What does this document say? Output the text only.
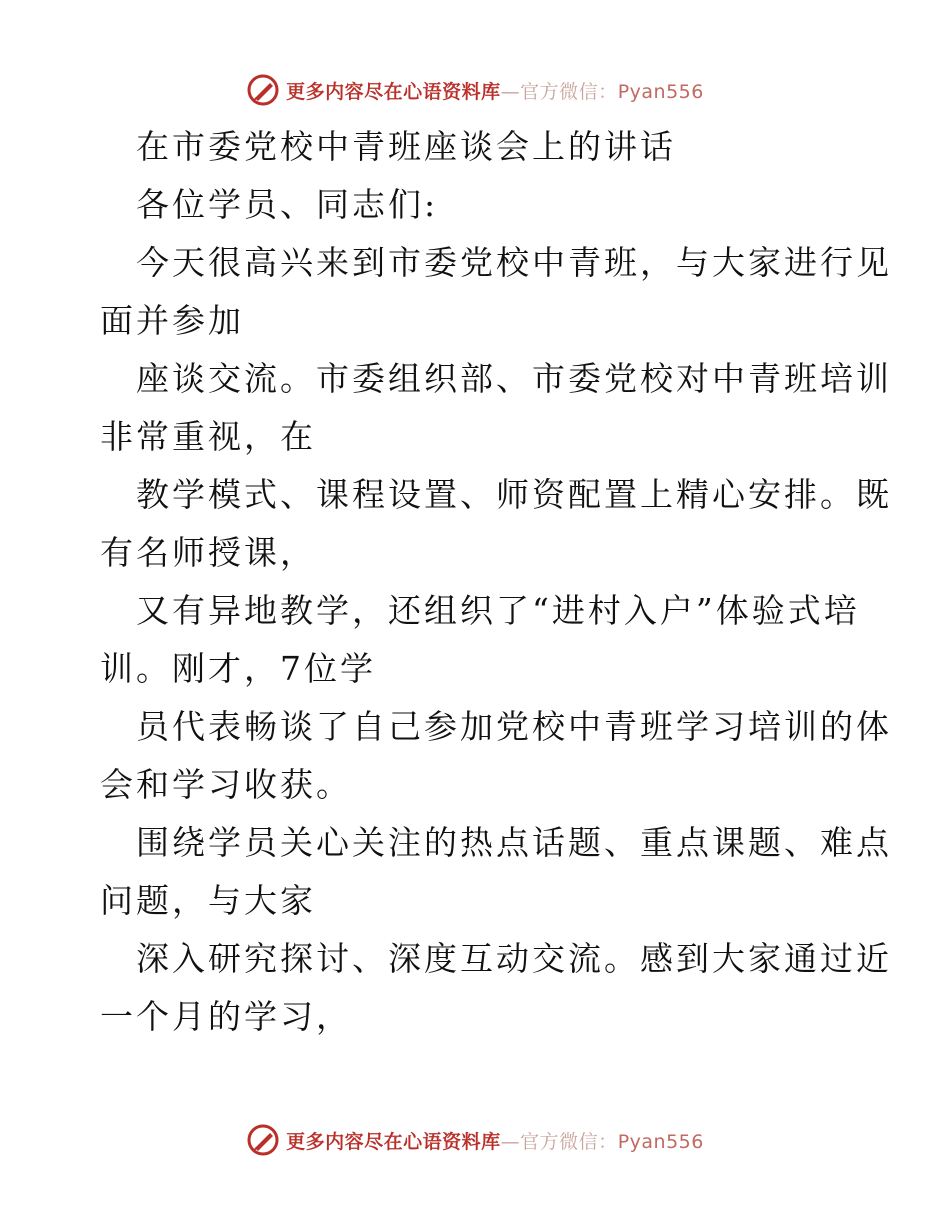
更多内容尽在心语资料库—官方微信：Pyan556
在市委党校中青班座谈会上的讲话
各位学员、同志们:
今天很高兴来到市委党校中青班，与大家进行见
面并参加
座谈交流。市委组织部、市委党校对中青班培训
非常重视，在
教学模式、课程设置、师资配置上精心安排。既
有名师授课，
又有异地教学，还组织了“进村入户”体验式培
训。刚才，7位学
员代表畅谈了自己参加党校中青班学习培训的体
会和学习收获。
围绕学员关心关注的热点话题、重点课题、难点
问题，与大家
深入研究探讨、深度互动交流。感到大家通过近
一个月的学习，
更多内容尽在心语资料库—官方微信：Pyan556
